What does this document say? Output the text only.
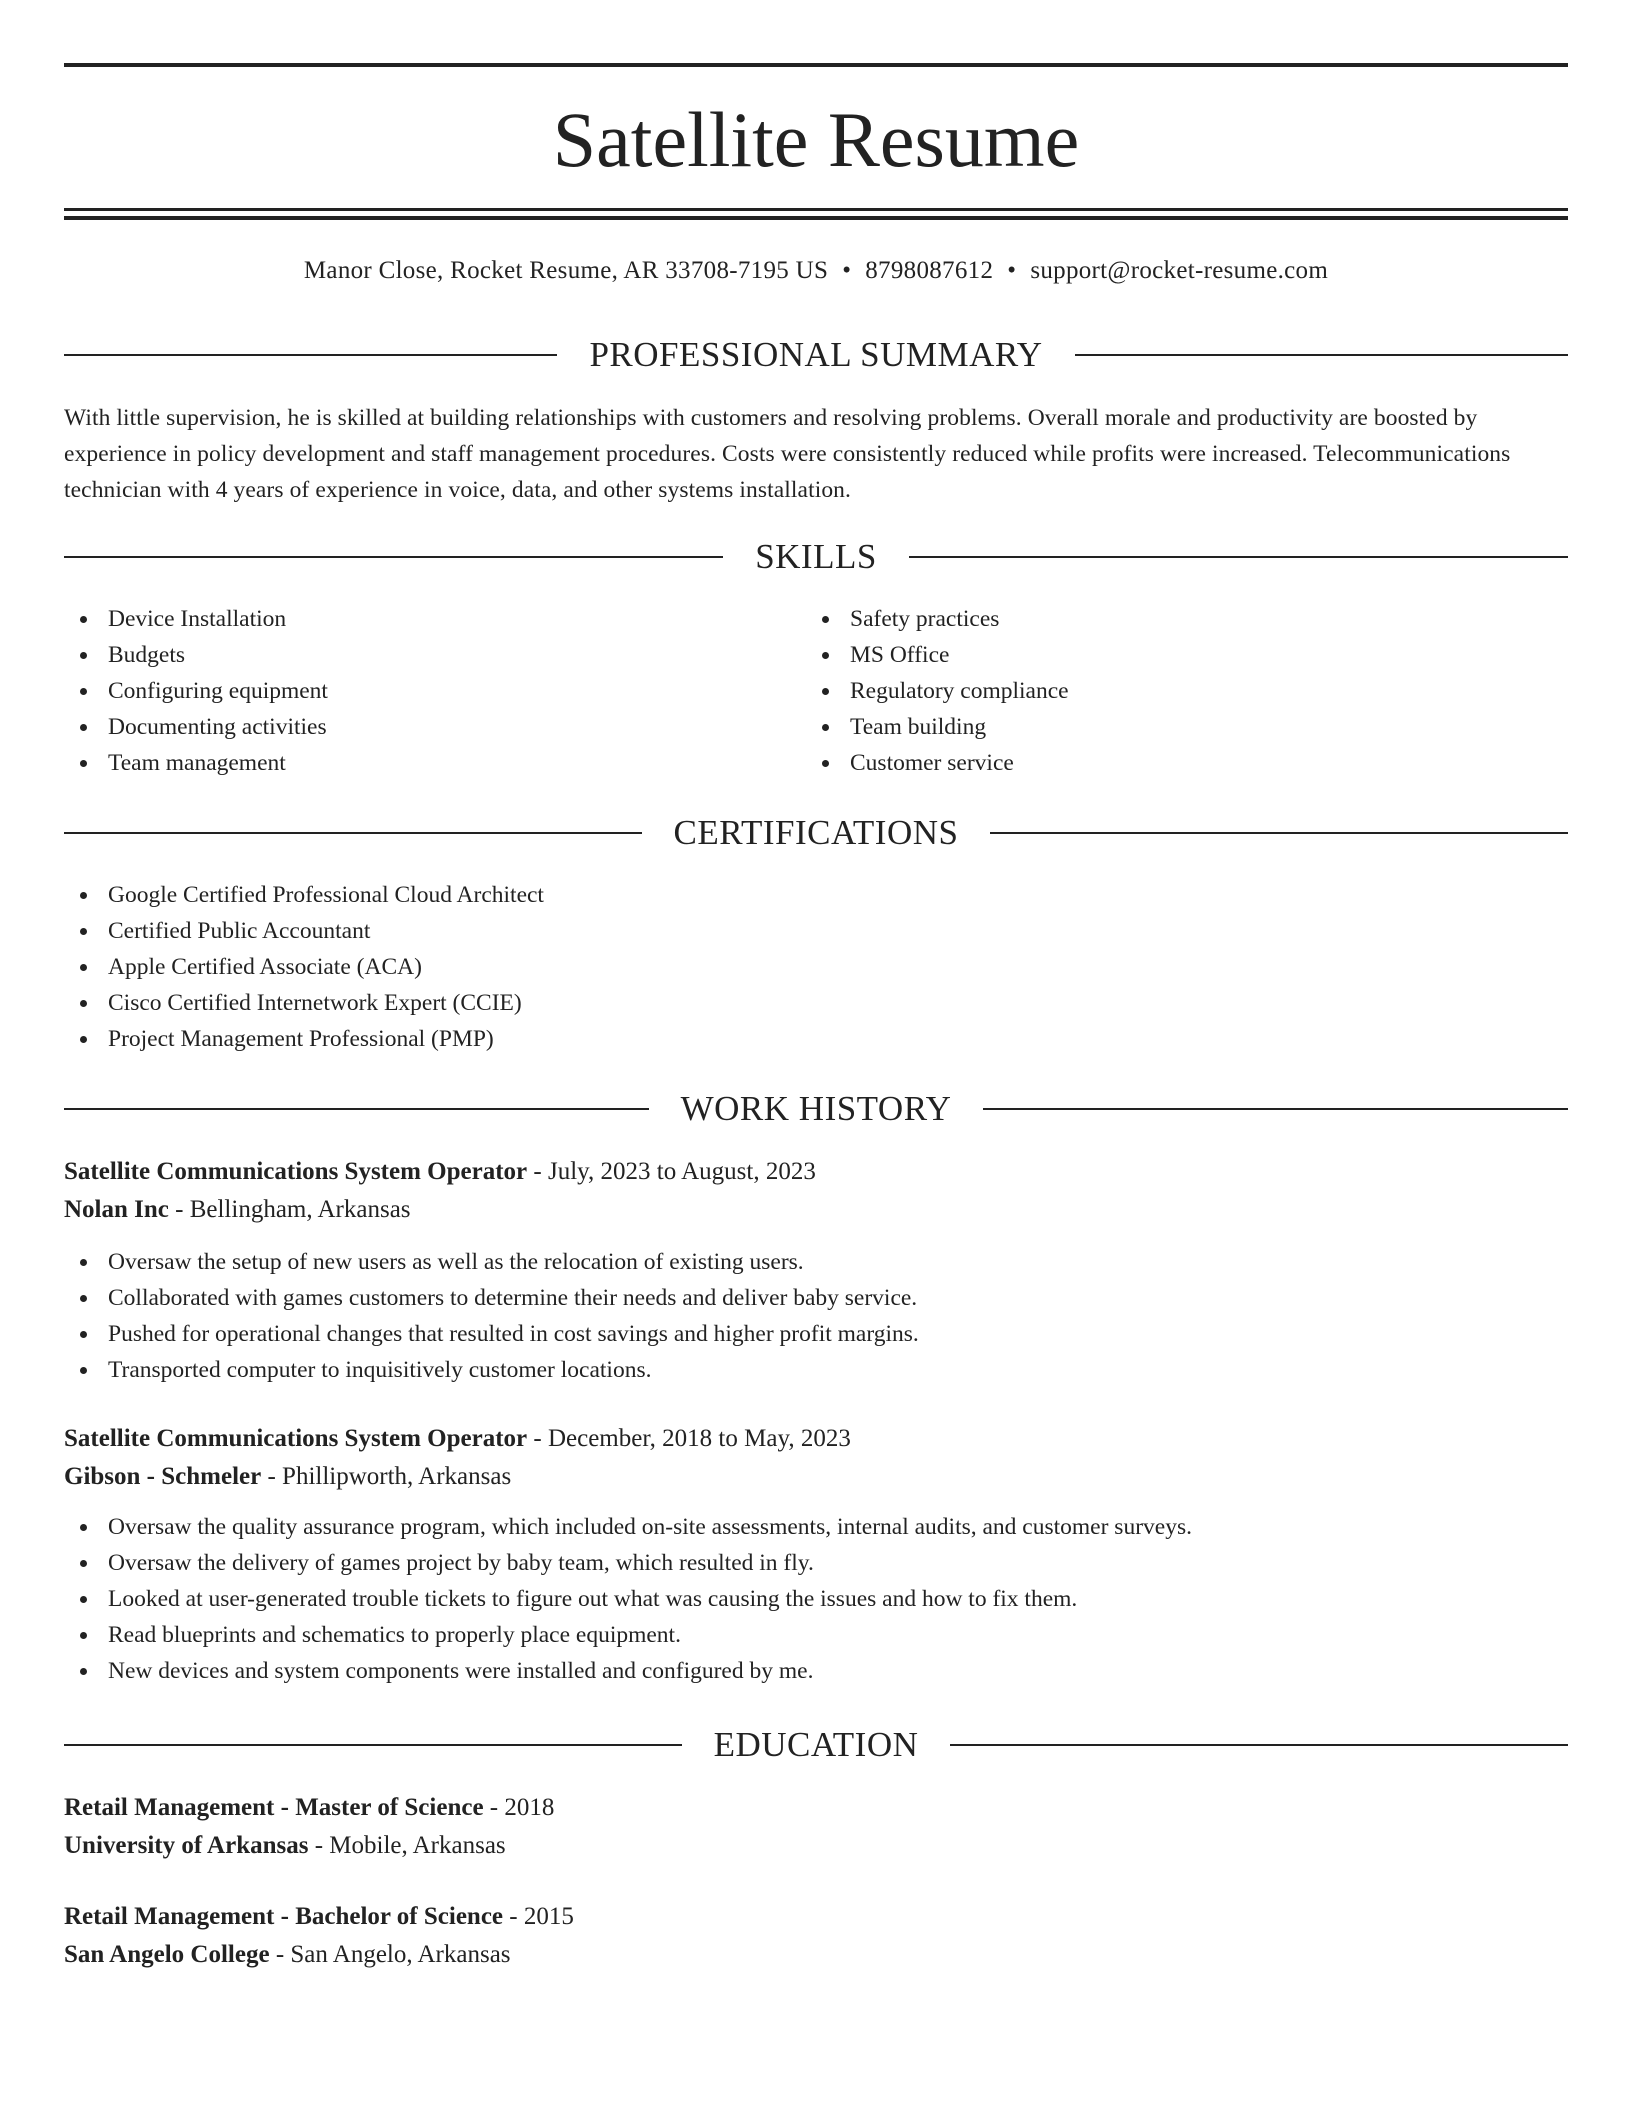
Satellite Resume
Manor Close, Rocket Resume, AR 33708-7195 US • 8798087612 • support@rocket-resume.com
PROFESSIONAL SUMMARY

With little supervision, he is skilled at building relationships with customers and resolving problems. Overall morale and productivity are boosted by experience in policy development and staff management procedures. Costs were consistently reduced while profits were increased. Telecommunications technician with 4 years of experience in voice, data, and other systems installation.

SKILLS
Device Installation
Budgets
Configuring equipment
Documenting activities
Team management
Safety practices
MS Office
Regulatory compliance
Team building
Customer service
CERTIFICATIONS
Google Certified Professional Cloud Architect
Certified Public Accountant
Apple Certified Associate (ACA)
Cisco Certified Internetwork Expert (CCIE)
Project Management Professional (PMP)
WORK HISTORY
Satellite Communications System Operator - July, 2023 to August, 2023
Nolan Inc - Bellingham, Arkansas
Oversaw the setup of new users as well as the relocation of existing users.
Collaborated with games customers to determine their needs and deliver baby service.
Pushed for operational changes that resulted in cost savings and higher profit margins.
Transported computer to inquisitively customer locations.
Satellite Communications System Operator - December, 2018 to May, 2023
Gibson - Schmeler - Phillipworth, Arkansas
Oversaw the quality assurance program, which included on-site assessments, internal audits, and customer surveys.
Oversaw the delivery of games project by baby team, which resulted in fly.
Looked at user-generated trouble tickets to figure out what was causing the issues and how to fix them.
Read blueprints and schematics to properly place equipment.
New devices and system components were installed and configured by me.
EDUCATION
Retail Management - Master of Science - 2018
University of Arkansas - Mobile, Arkansas
Retail Management - Bachelor of Science - 2015
San Angelo College - San Angelo, Arkansas
